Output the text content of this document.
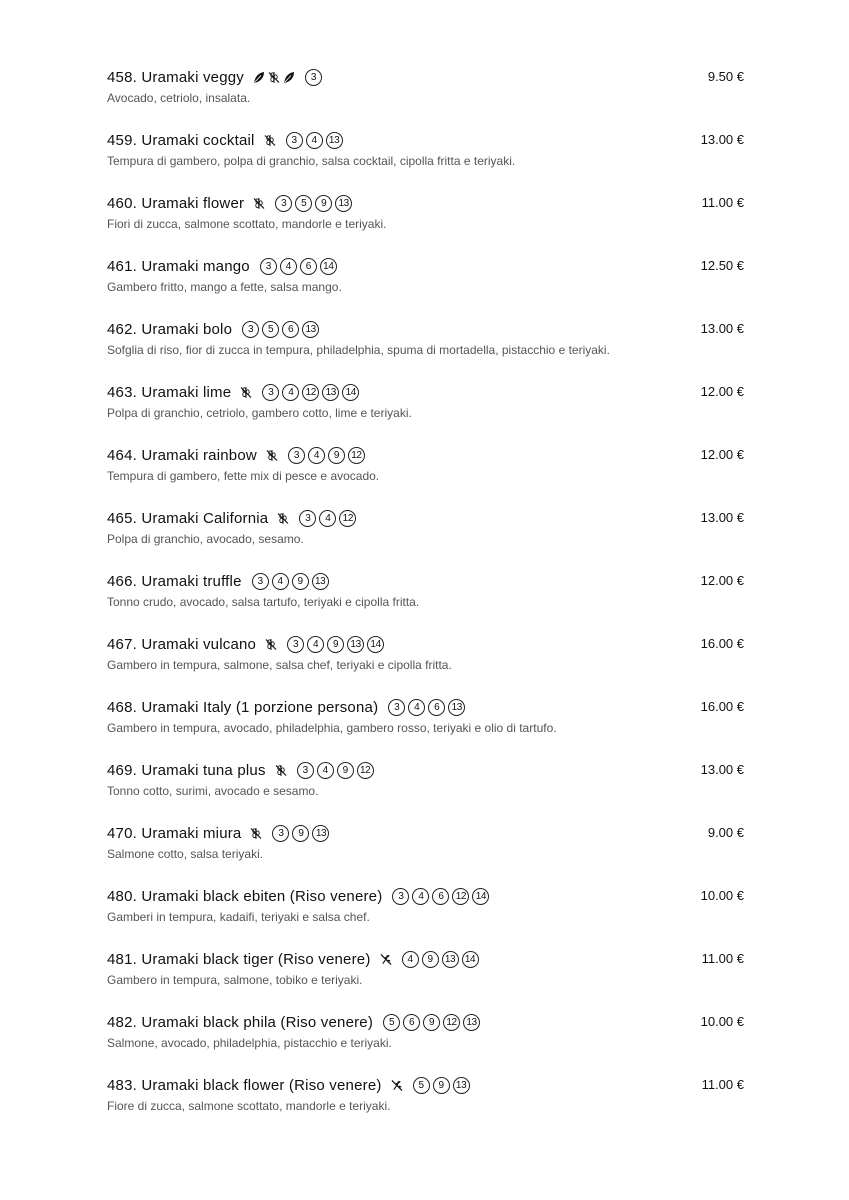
458. Uramaki veggy	3	9.50 €
Avocado, cetriolo, insalata.
459. Uramaki cocktail	3	4	13	13.00 €
Tempura di gambero, polpa di granchio, salsa cocktail, cipolla fritta e teriyaki.
460. Uramaki flower	3	5	9	13	11.00 €
Fiori di zucca, salmone scottato, mandorle e teriyaki.
461. Uramaki mango	3	4	6	14	12.50 €
Gambero fritto, mango a fette, salsa mango.
462. Uramaki bolo	3	5	6	13	13.00 €
Sofglia di riso, fior di zucca in tempura, philadelphia, spuma di mortadella, pistacchio e teriyaki.
463. Uramaki lime	3	4	12 13 14	12.00 €
Polpa di granchio, cetriolo, gambero cotto, lime e teriyaki.
464. Uramaki rainbow	3	4	9	12	12.00 €
Tempura di gambero, fette mix di pesce e avocado.
465. Uramaki California	3	4	12	13.00 €
Polpa di granchio, avocado, sesamo.
466. Uramaki truffle	3	4	9	13	12.00 €
Tonno crudo, avocado, salsa tartufo, teriyaki e cipolla fritta.
467. Uramaki vulcano	3	4	9	13 14	16.00 €
Gambero in tempura, salmone, salsa chef, teriyaki e cipolla fritta.
468. Uramaki Italy (1 porzione persona)	3	4	6	13	16.00 €
Gambero in tempura, avocado, philadelphia, gambero rosso, teriyaki e olio di tartufo.
469. Uramaki tuna plus	3	4	9	12	13.00 €
Tonno cotto, surimi, avocado e sesamo.
470. Uramaki miura	3	9	13	9.00 €
Salmone cotto, salsa teriyaki.
480. Uramaki black ebiten (Riso venere)	3	4	6	12 14	10.00 €
Gamberi in tempura, kadaifi, teriyaki e salsa chef.
481. Uramaki black tiger (Riso venere)	4	9	13 14	11.00 €
Gambero in tempura, salmone, tobiko e teriyaki.
482. Uramaki black phila (Riso venere)	5	6	9	12 13	10.00 €
Salmone, avocado, philadelphia, pistacchio e teriyaki.
483. Uramaki black flower (Riso venere)	5	9	13	11.00 €
Fiore di zucca, salmone scottato, mandorle e teriyaki.
